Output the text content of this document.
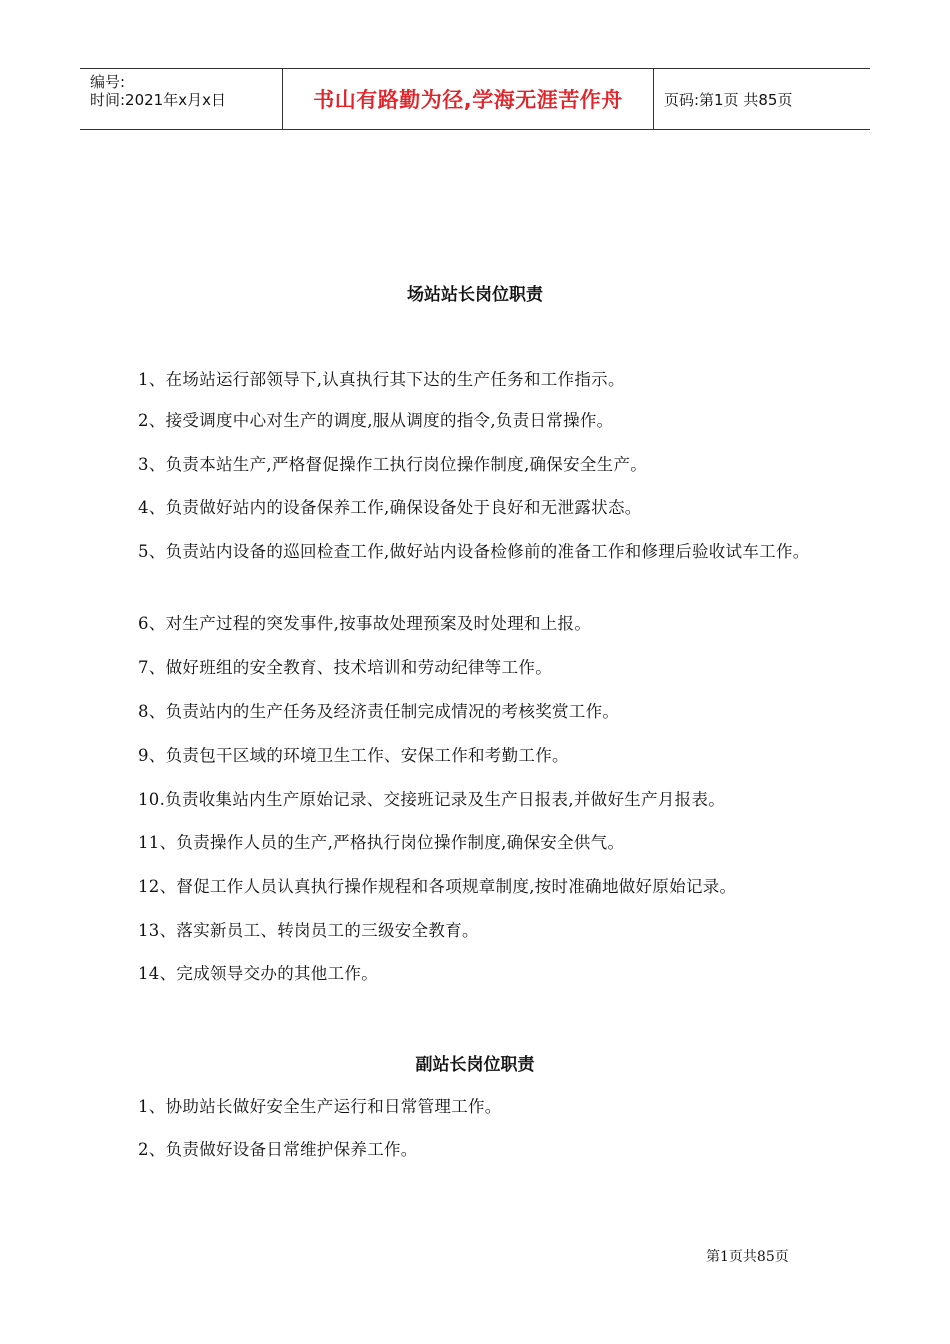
编号:
时间:2021年x月x日	书山有路勤为径,学海无涯苦作舟	页码:第1页 共85页
场站站长岗位职责

1、在场站运行部领导下,认真执行其下达的生产任务和工作指示。

2、接受调度中心对生产的调度,服从调度的指令,负责日常操作。

3、负责本站生产,严格督促操作工执行岗位操作制度,确保安全生产。

4、负责做好站内的设备保养工作,确保设备处于良好和无泄露状态。

5、负责站内设备的巡回检查工作,做好站内设备检修前的准备工作和修理后验收试车工作。

6、对生产过程的突发事件,按事故处理预案及时处理和上报。

7、做好班组的安全教育、技术培训和劳动纪律等工作。

8、负责站内的生产任务及经济责任制完成情况的考核奖赏工作。

9、负责包干区域的环境卫生工作、安保工作和考勤工作。

10.负责收集站内生产原始记录、交接班记录及生产日报表,并做好生产月报表。

11、负责操作人员的生产,严格执行岗位操作制度,确保安全供气。

12、督促工作人员认真执行操作规程和各项规章制度,按时准确地做好原始记录。

13、落实新员工、转岗员工的三级安全教育。

14、完成领导交办的其他工作。

副站长岗位职责

1、协助站长做好安全生产运行和日常管理工作。

2、负责做好设备日常维护保养工作。

第1页共85页
